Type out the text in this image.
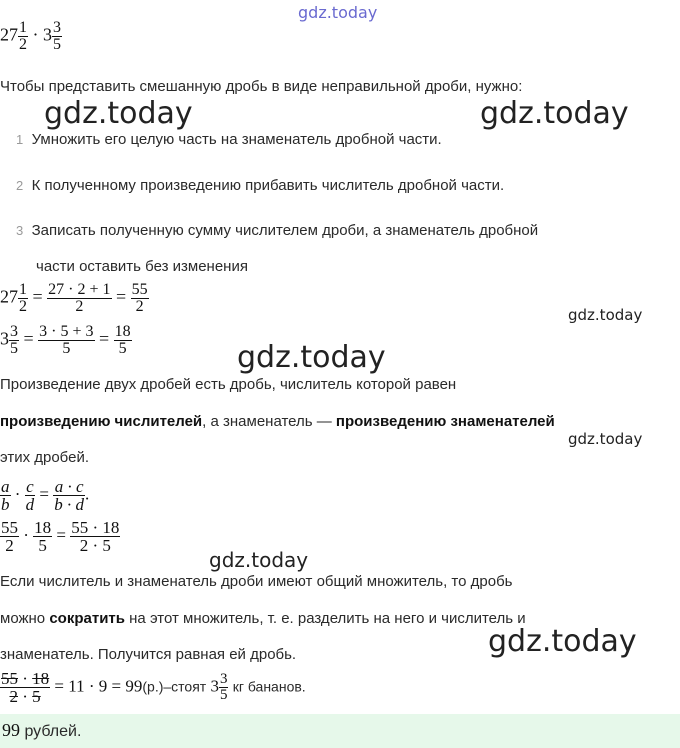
gdz.today
gdz.today	gdz.today
gdz.today
gdz.today
gdz.today
gdz.today
gdz.today
$27 \frac{1}{2} \cdot 3 \frac{3}{5}$
Чтобы представить смешанную дробь в виде неправильной дроби, нужно:
1 Умножить его целую часть на знаменатель дробной части.
2 К полученному произведению прибавить числитель дробной части.
3 Записать полученную сумму числителем дроби, а знаменатель дробной
части оставить без изменения
$27 \frac{1}{2} = \frac{27 \cdot 2 + 1}{2} = \frac{55}{2}$
$3 \frac{3}{5} = \frac{3 \cdot 5 + 3}{5} = \frac{18}{5}$
Произведение двух дробей есть дробь, числитель которой равен
произведению числителей, а знаменатель — произведению знаменателей
этих дробей.
$\frac{a}{b} \cdot \frac{c}{d} = \frac{a \cdot c}{b \cdot d}$ .
$\frac{55}{2} \cdot \frac{18}{5} = \frac{55 \cdot 18}{2 \cdot 5}$
Если числитель и знаменатель дроби имеют общий множитель, то дробь
можно сократить на этот множитель, т. е. разделить на него и числитель и
знаменатель. Получится равная ей дробь.
$\frac{55 \cdot 18}{2 \cdot 5} = 11 \cdot 9$ = 99(р.)–стоят $3 \frac{3}{5}$ кг бананов.
99 рублей.
